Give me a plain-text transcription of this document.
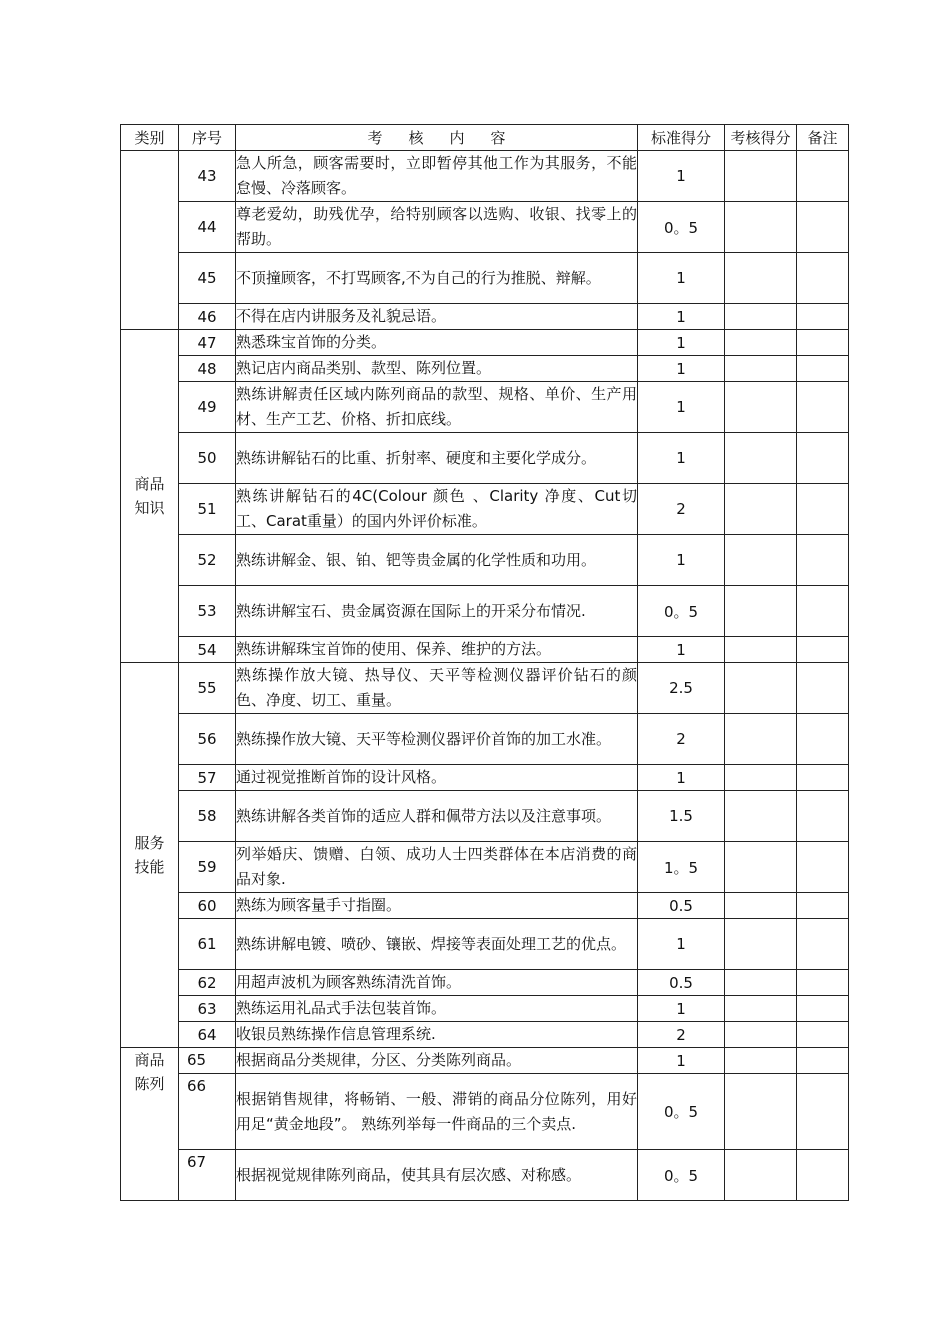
类别	序号	考核内容	标准得分	考核得分	备注
	43	急人所急，顾客需要时，立即暂停其他工作为其服务，不能怠慢、冷落顾客。	1		
	44	尊老爱幼，助残优孕，给特别顾客以选购、收银、找零上的帮助。	0。5		
	45	不顶撞顾客，不打骂顾客,不为自己的行为推脱、辩解。	1		
	46	不得在店内讲服务及礼貌忌语。	1		
商品知识	47	熟悉珠宝首饰的分类。	1		
	48	熟记店内商品类别、款型、陈列位置。	1		
	49	熟练讲解责任区域内陈列商品的款型、规格、单价、生产用材、生产工艺、价格、折扣底线。	1		
	50	熟练讲解钻石的比重、折射率、硬度和主要化学成分。	1		
	51	熟练讲解钻石的4C(Colour 颜色 、Clarity 净度、Cut切工、Carat重量）的国内外评价标准。	2		
	52	熟练讲解金、银、铂、钯等贵金属的化学性质和功用。	1		
	53	熟练讲解宝石、贵金属资源在国际上的开采分布情况.	0。5		
	54	熟练讲解珠宝首饰的使用、保养、维护的方法。	1		
服务技能	55	熟练操作放大镜、热导仪、天平等检测仪器评价钻石的颜色、净度、切工、重量。	2.5		
	56	熟练操作放大镜、天平等检测仪器评价首饰的加工水准。	2		
	57	通过视觉推断首饰的设计风格。	1		
	58	熟练讲解各类首饰的适应人群和佩带方法以及注意事项。	1.5		
	59	列举婚庆、馈赠、白领、成功人士四类群体在本店消费的商品对象.	1。5		
	60	熟练为顾客量手寸指圈。	0.5		
	61	熟练讲解电镀、喷砂、镶嵌、焊接等表面处理工艺的优点。	1		
	62	用超声波机为顾客熟练清洗首饰。	0.5		
	63	熟练运用礼品式手法包装首饰。	1		
	64	收银员熟练操作信息管理系统.	2		
商品陈列	65	根据商品分类规律，分区、分类陈列商品。	1		
	66	根据销售规律，将畅销、一般、滞销的商品分位陈列，用好用足“黄金地段”。 熟练列举每一件商品的三个卖点.	0。5		
	67	根据视觉规律陈列商品，使其具有层次感、对称感。	0。5		
